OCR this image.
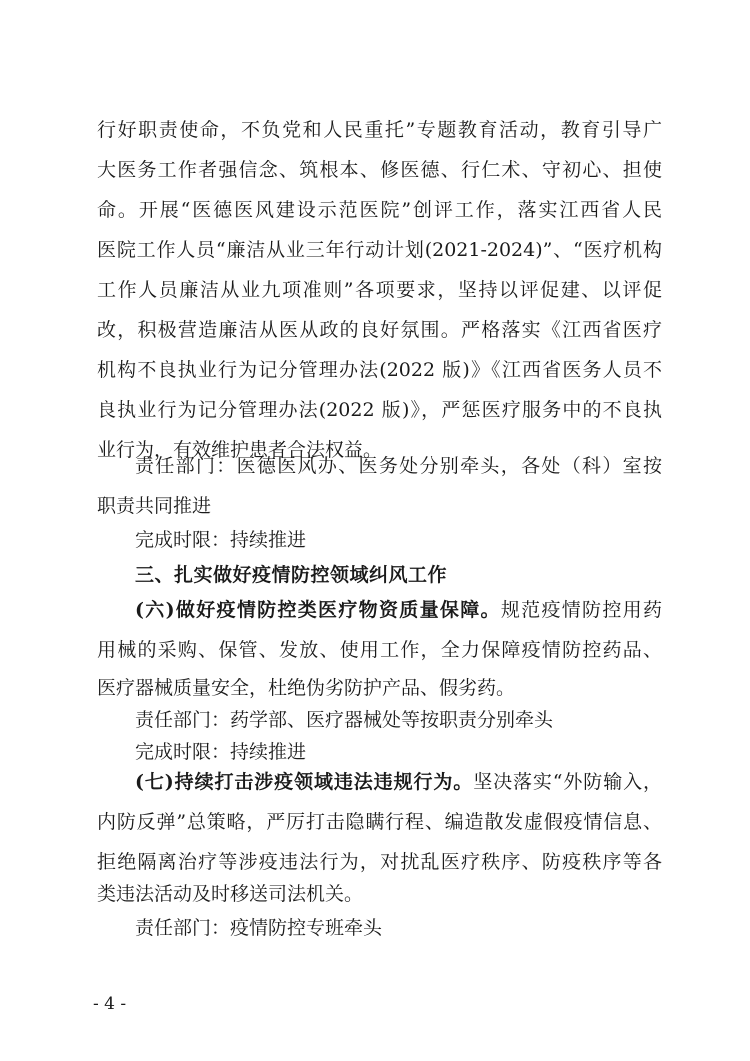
行好职责使命，不负党和人民重托”专题教育活动，教育引导广
大医务工作者强信念、筑根本、修医德、行仁术、守初心、担使
命。开展“医德医风建设示范医院”创评工作，落实江西省人民
医院工作人员“廉洁从业三年行动计划(2021-2024)”、“医疗机构
工作人员廉洁从业九项准则”各项要求，坚持以评促建、以评促
改，积极营造廉洁从医从政的良好氛围。严格落实《江西省医疗
机构不良执业行为记分管理办法(2022 版)》《江西省医务人员不
良执业行为记分管理办法(2022 版)》，严惩医疗服务中的不良执
业行为，有效维护患者合法权益。
责任部门：医德医风办、医务处分别牵头，各处（科）室按
职责共同推进
完成时限：持续推进
三、扎实做好疫情防控领域纠风工作
(六)做好疫情防控类医疗物资质量保障。规范疫情防控用药
用械的采购、保管、发放、使用工作，全力保障疫情防控药品、
医疗器械质量安全，杜绝伪劣防护产品、假劣药。
责任部门：药学部、医疗器械处等按职责分别牵头
完成时限：持续推进
(七)持续打击涉疫领域违法违规行为。坚决落实“外防输入，
内防反弹”总策略，严厉打击隐瞒行程、编造散发虚假疫情信息、
拒绝隔离治疗等涉疫违法行为，对扰乱医疗秩序、防疫秩序等各
类违法活动及时移送司法机关。
责任部门：疫情防控专班牵头
- 4 -
